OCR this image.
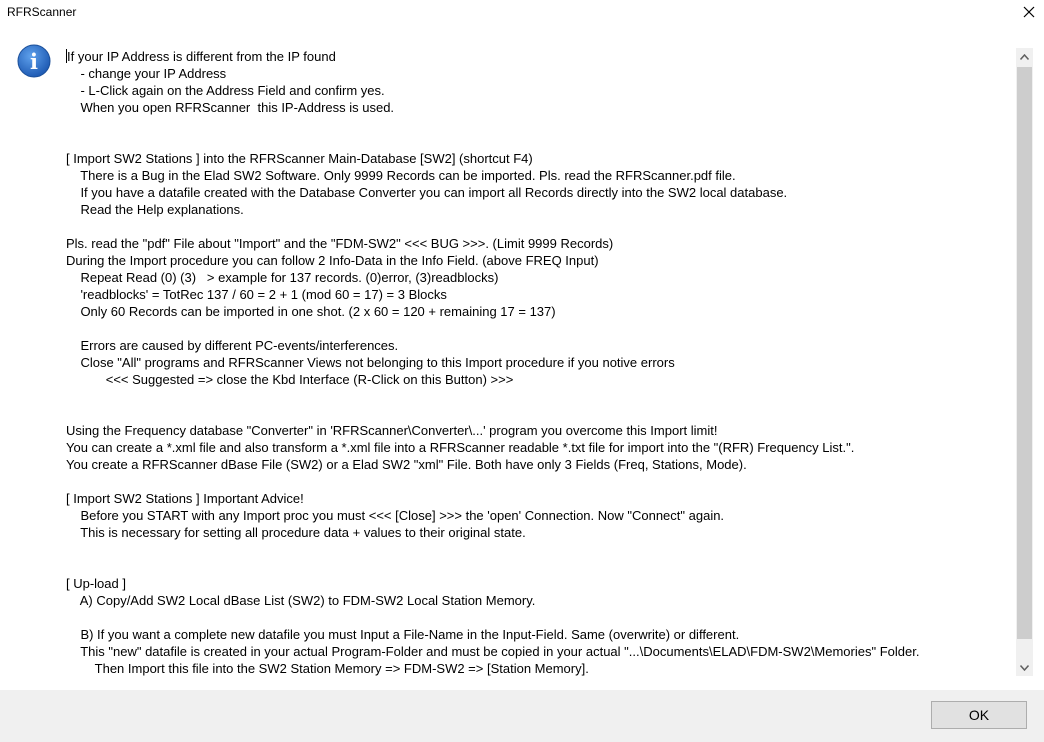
RFRScanner
i If your IP Address is different from the IP found
- change your IP Address
- L-Click again on the Address Field and confirm yes.
When you open RFRScanner  this IP-Address is used.
[ Import SW2 Stations ] into the RFRScanner Main-Database [SW2] (shortcut F4)
There is a Bug in the Elad SW2 Software. Only 9999 Records can be imported. Pls. read the RFRScanner.pdf file.
If you have a datafile created with the Database Converter you can import all Records directly into the SW2 local database.
Read the Help explanations.
Pls. read the "pdf" File about "Import" and the "FDM-SW2" <<< BUG >>>. (Limit 9999 Records)
During the Import procedure you can follow 2 Info-Data in the Info Field. (above FREQ Input)
Repeat Read (0) (3)   > example for 137 records. (0)error, (3)readblocks)
'readblocks' = TotRec 137 / 60 = 2 + 1 (mod 60 = 17) = 3 Blocks
Only 60 Records can be imported in one shot. (2 x 60 = 120 + remaining 17 = 137)
Errors are caused by different PC-events/interferences.
Close "All" programs and RFRScanner Views not belonging to this Import procedure if you notive errors
<<< Suggested => close the Kbd Interface (R-Click on this Button) >>>
Using the Frequency database "Converter" in 'RFRScanner\Converter\...' program you overcome this Import limit!
You can create a *.xml file and also transform a *.xml file into a RFRScanner readable *.txt file for import into the "(RFR) Frequency List.".
You create a RFRScanner dBase File (SW2) or a Elad SW2 "xml" File. Both have only 3 Fields (Freq, Stations, Mode).
[ Import SW2 Stations ] Important Advice!
Before you START with any Import proc you must <<< [Close] >>> the 'open' Connection. Now "Connect" again.
This is necessary for setting all procedure data + values to their original state.
[ Up-load ]
A) Copy/Add SW2 Local dBase List (SW2) to FDM-SW2 Local Station Memory.
B) If you want a complete new datafile you must Input a File-Name in the Input-Field. Same (overwrite) or different.
This "new" datafile is created in your actual Program-Folder and must be copied in your actual "...\Documents\ELAD\FDM-SW2\Memories" Folder.
Then Import this file into the SW2 Station Memory => FDM-SW2 => [Station Memory].
OK
